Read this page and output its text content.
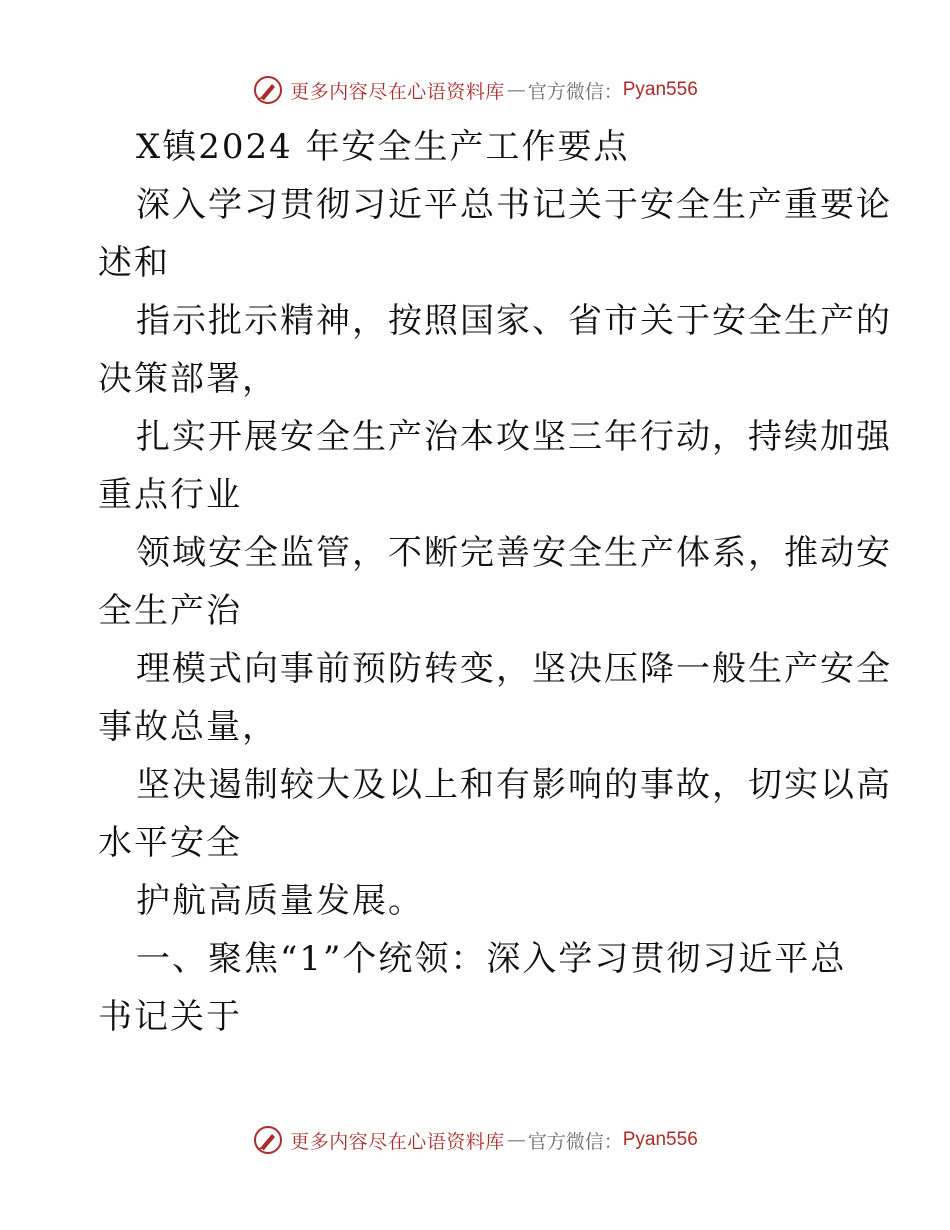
更多内容尽在心语资料库 — 官方微信： Pyan556
X镇2024 年安全生产工作要点
深入学习贯彻习近平总书记关于安全生产重要论
述和
指示批示精神，按照国家、省市关于安全生产的
决策部署，
扎实开展安全生产治本攻坚三年行动，持续加强
重点行业
领域安全监管，不断完善安全生产体系，推动安
全生产治
理模式向事前预防转变，坚决压降一般生产安全
事故总量，
坚决遏制较大及以上和有影响的事故，切实以高
水平安全
护航高质量发展。
一、聚焦“1”个统领：深入学习贯彻习近平总
书记关于
更多内容尽在心语资料库 — 官方微信： Pyan556
